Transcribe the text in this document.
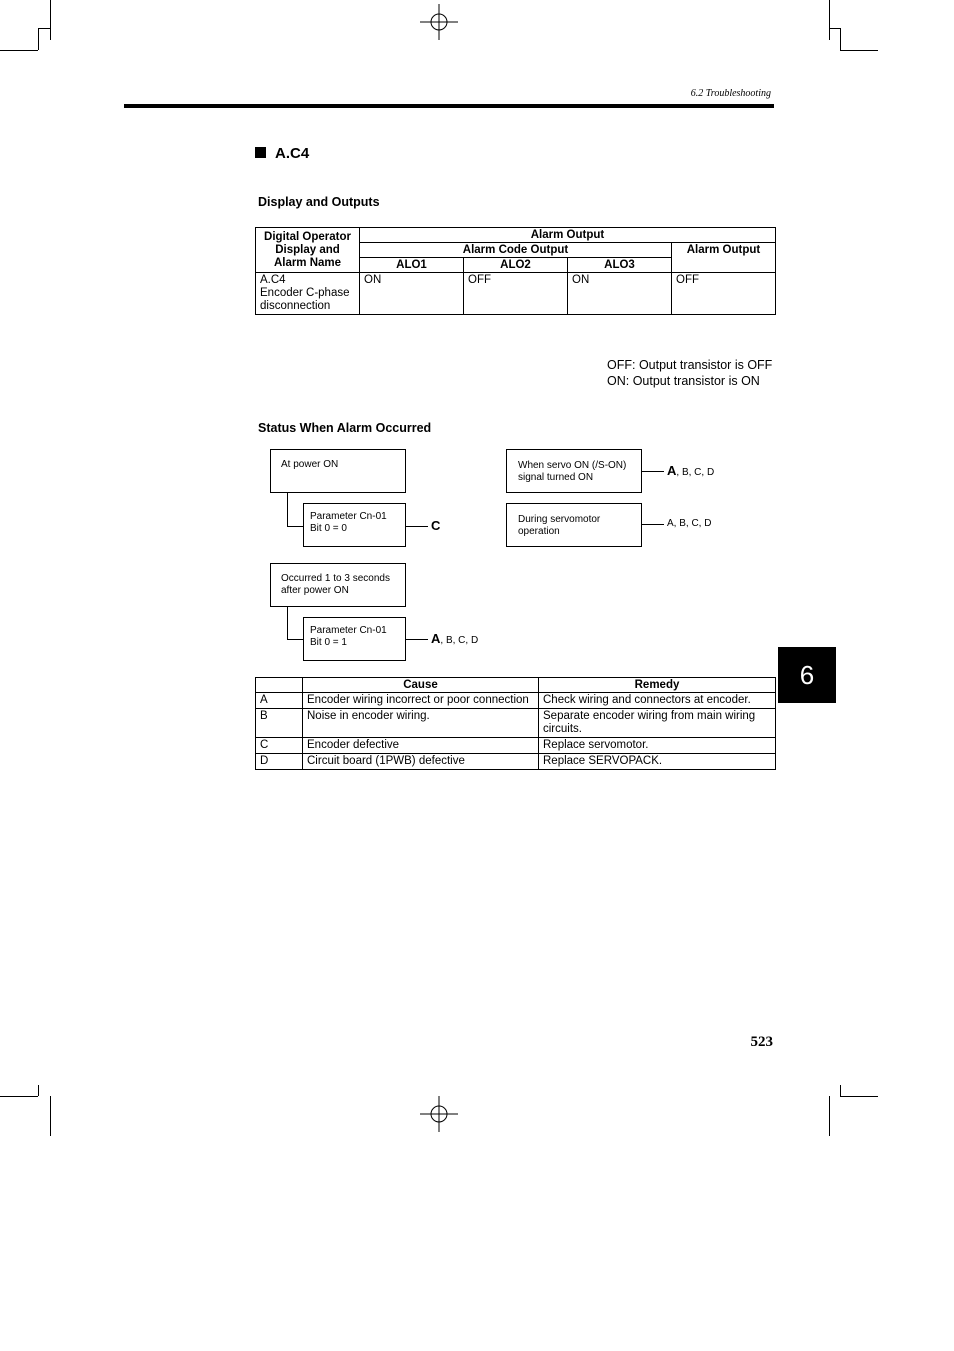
6.2 Troubleshooting
A.C4
Display and Outputs
Digital Operator Display and Alarm Name	Alarm Output			
	Alarm Code Output			Alarm Output
	ALO1	ALO2	ALO3	

A.C4
Encoder C-phase disconnection	ON	OFF	ON	OFF
OFF: Output transistor is OFF
ON: Output transistor is ON
Status When Alarm Occurred
At power ON
Parameter Cn-01
Bit 0 = 0	C
Occurred 1 to 3 seconds
after power ON
Parameter Cn-01
Bit 0 = 1	A, B, C, D
When servo ON (/S-ON)
signal turned ON	A, B, C, D
During servomotor
operation
A, B, C, D
	Cause	Remedy
A	Encoder wiring incorrect or poor connection	Check wiring and connectors at encoder.
B	Noise in encoder wiring.	Separate encoder wiring from main wiring circuits.
C	Encoder defective	Replace servomotor.
D	Circuit board (1PWB) defective	Replace SERVOPACK.
6
523
